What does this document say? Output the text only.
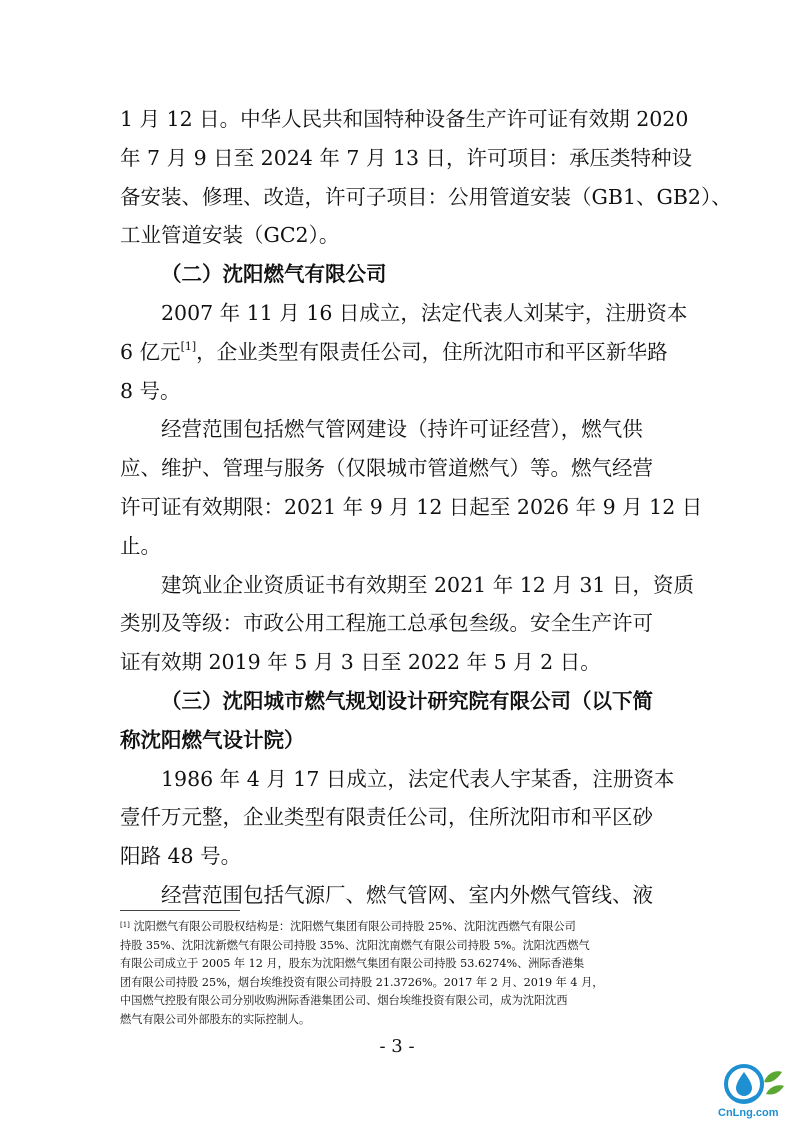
1 月 12 日。中华人民共和国特种设备生产许可证有效期 2020
年 7 月 9 日至 2024 年 7 月 13 日，许可项目：承压类特种设
备安装、修理、改造，许可子项目：公用管道安装（GB1、GB2）、
工业管道安装（GC2）。
（二）沈阳燃气有限公司
2007 年 11 月 16 日成立，法定代表人刘某宇，注册资本
6 亿元[1]，企业类型有限责任公司，住所沈阳市和平区新华路
8 号。
经营范围包括燃气管网建设（持许可证经营），燃气供
应、维护、管理与服务（仅限城市管道燃气）等。燃气经营
许可证有效期限：2021 年 9 月 12 日起至 2026 年 9 月 12 日
止。
建筑业企业资质证书有效期至 2021 年 12 月 31 日，资质
类别及等级：市政公用工程施工总承包叁级。安全生产许可
证有效期 2019 年 5 月 3 日至 2022 年 5 月 2 日。
（三）沈阳城市燃气规划设计研究院有限公司（以下简
称沈阳燃气设计院）
1986 年 4 月 17 日成立，法定代表人宇某香，注册资本
壹仟万元整，企业类型有限责任公司，住所沈阳市和平区砂
阳路 48 号。
经营范围包括气源厂、燃气管网、室内外燃气管线、液
[1] 沈阳燃气有限公司股权结构是：沈阳燃气集团有限公司持股 25%、沈阳沈西燃气有限公司
持股 35%、沈阳沈新燃气有限公司持股 35%、沈阳沈南燃气有限公司持股 5%。沈阳沈西燃气
有限公司成立于 2005 年 12 月，股东为沈阳燃气集团有限公司持股 53.6274%、洲际香港集
团有限公司持股 25%，烟台埃维投资有限公司持股 21.3726%。2017 年 2 月、2019 年 4 月，
中国燃气控股有限公司分别收购洲际香港集团公司、烟台埃维投资有限公司，成为沈阳沈西
燃气有限公司外部股东的实际控制人。
- 3 -
CnLng.com
